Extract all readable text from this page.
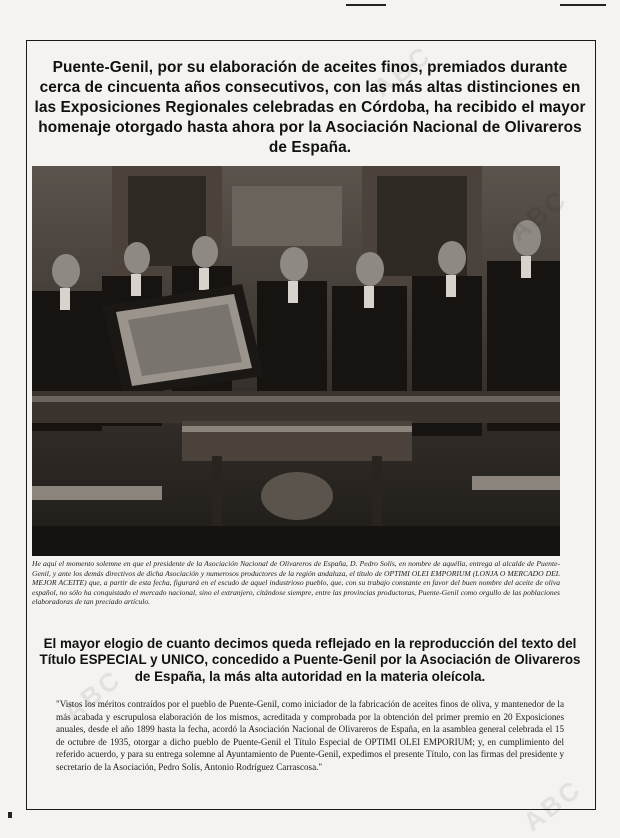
Puente-Genil, por su elaboración de aceites finos, premiados durante cerca de cincuenta años consecutivos, con las más altas distinciones en las Exposiciones Regionales celebradas en Córdoba, ha recibido el mayor homenaje otorgado hasta ahora por la Asociación Nacional de Olivareros de España.
He aquí el momento solemne en que el presidente de la Asociación Nacional de Olivareros de España, D. Pedro Solís, en nombre de aquélla, entrega al alcalde de Puente-Genil, y ante los demás directivos de dicha Asociación y numerosos productores de la región andaluza, el título de OPTIMI OLEI EMPORIUM (LONJA O MERCADO DEL MEJOR ACEITE) que, a partir de esta fecha, figurará en el escudo de aquel industrioso pueblo, que, con su trabajo constante en favor del buen nombre del aceite de oliva español, no sólo ha conquistado el mercado nacional, sino el extranjero, citándose siempre, entre las provincias productoras, Puente-Genil como orgullo de las poblaciones elaboradoras de tan preciado artículo.
El mayor elogio de cuanto decimos queda reflejado en la reproducción del texto del Título ESPECIAL y UNICO, concedido a Puente-Genil por la Asociación de Olivareros de España, la más alta autoridad en la materia oleícola.
"Vistos los méritos contraídos por el pueblo de Puente-Genil, como iniciador de la fabricación de aceites finos de oliva, y mantenedor de la más acabada y escrupulosa elaboración de los mismos, acreditada y comprobada por la obtención del primer premio en 20 Exposiciones anuales, desde el año 1899 hasta la fecha, acordó la Asociación Nacional de Olivareros de España, en la asamblea general celebrada el 15 de octubre de 1935, otorgar a dicho pueblo de Puente-Genil el Título Especial de OPTIMI OLEI EMPORIUM; y, en cumplimiento del referido acuerdo, y para su entrega solemne al Ayuntamiento de Puente-Genil, expedimos el presente Título, con las firmas del presidente y secretario de la Asociación, Pedro Solís, Antonio Rodríguez Carrascosa."
ABC
ABC
ABC
ABC
